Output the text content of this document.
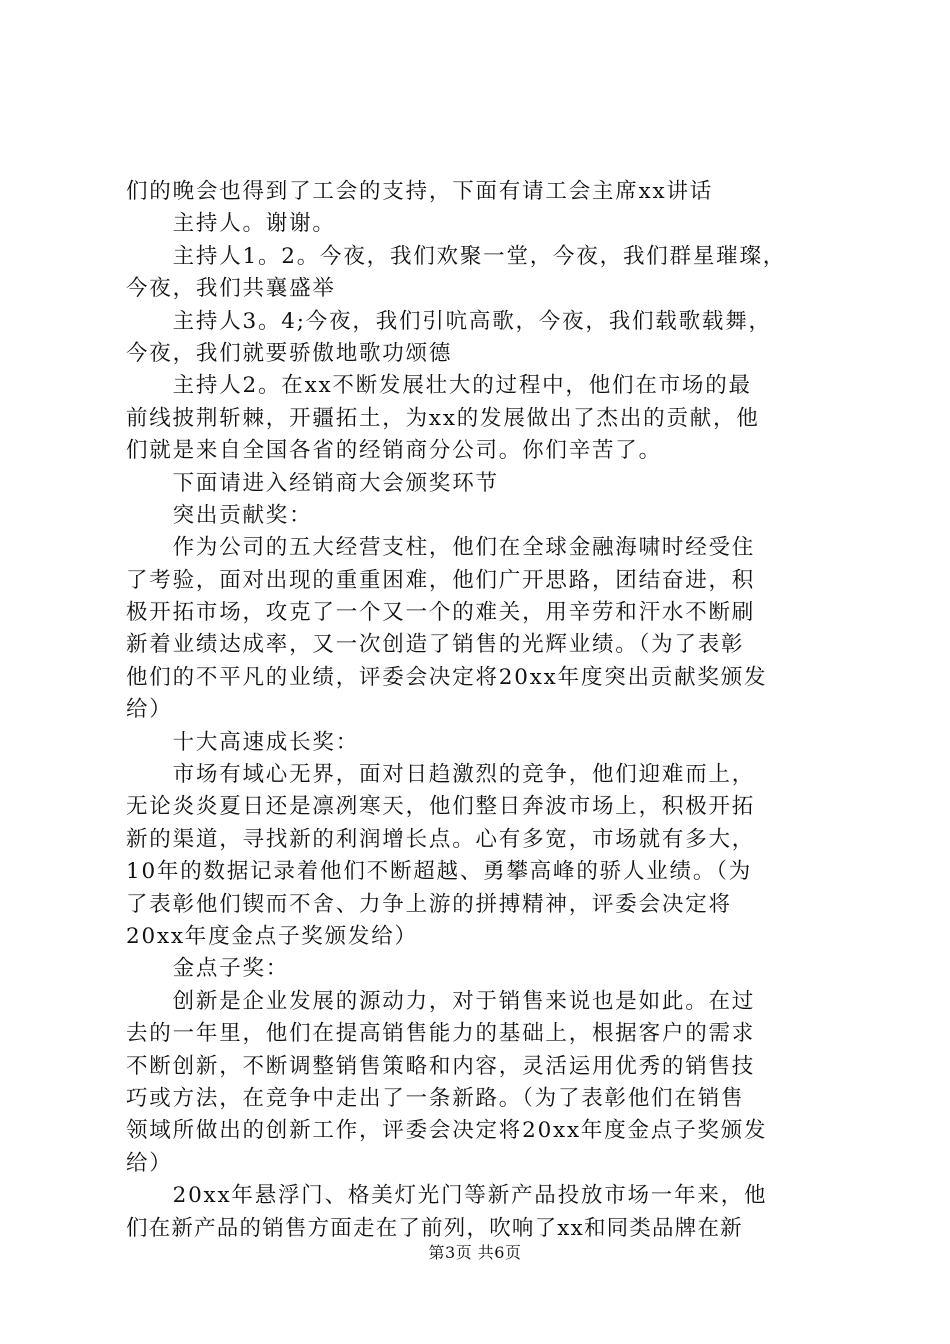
们的晚会也得到了工会的支持，下面有请工会主席xx讲话
　　主持人。谢谢。
　　主持人1。2。今夜，我们欢聚一堂，今夜，我们群星璀璨，
今夜，我们共襄盛举
　　主持人3。4;今夜，我们引吭高歌，今夜，我们载歌载舞，
今夜，我们就要骄傲地歌功颂德
　　主持人2。在xx不断发展壮大的过程中，他们在市场的最
前线披荆斩棘，开疆拓土，为xx的发展做出了杰出的贡献，他
们就是来自全国各省的经销商分公司。你们辛苦了。
　　下面请进入经销商大会颁奖环节
　　突出贡献奖：
　　作为公司的五大经营支柱，他们在全球金融海啸时经受住
了考验，面对出现的重重困难，他们广开思路，团结奋进，积
极开拓市场，攻克了一个又一个的难关，用辛劳和汗水不断刷
新着业绩达成率，又一次创造了销售的光辉业绩。（为了表彰
他们的不平凡的业绩，评委会决定将20xx年度突出贡献奖颁发
给）
　　十大高速成长奖：
　　市场有域心无界，面对日趋激烈的竞争，他们迎难而上，
无论炎炎夏日还是凛冽寒天，他们整日奔波市场上，积极开拓
新的渠道，寻找新的利润增长点。心有多宽，市场就有多大，
10年的数据记录着他们不断超越、勇攀高峰的骄人业绩。（为
了表彰他们锲而不舍、力争上游的拼搏精神，评委会决定将
20xx年度金点子奖颁发给）
　　金点子奖：
　　创新是企业发展的源动力，对于销售来说也是如此。在过
去的一年里，他们在提高销售能力的基础上，根据客户的需求
不断创新，不断调整销售策略和内容，灵活运用优秀的销售技
巧或方法，在竞争中走出了一条新路。（为了表彰他们在销售
领域所做出的创新工作，评委会决定将20xx年度金点子奖颁发
给）
　　20xx年悬浮门、格美灯光门等新产品投放市场一年来，他
们在新产品的销售方面走在了前列，吹响了xx和同类品牌在新
第3页 共6页
